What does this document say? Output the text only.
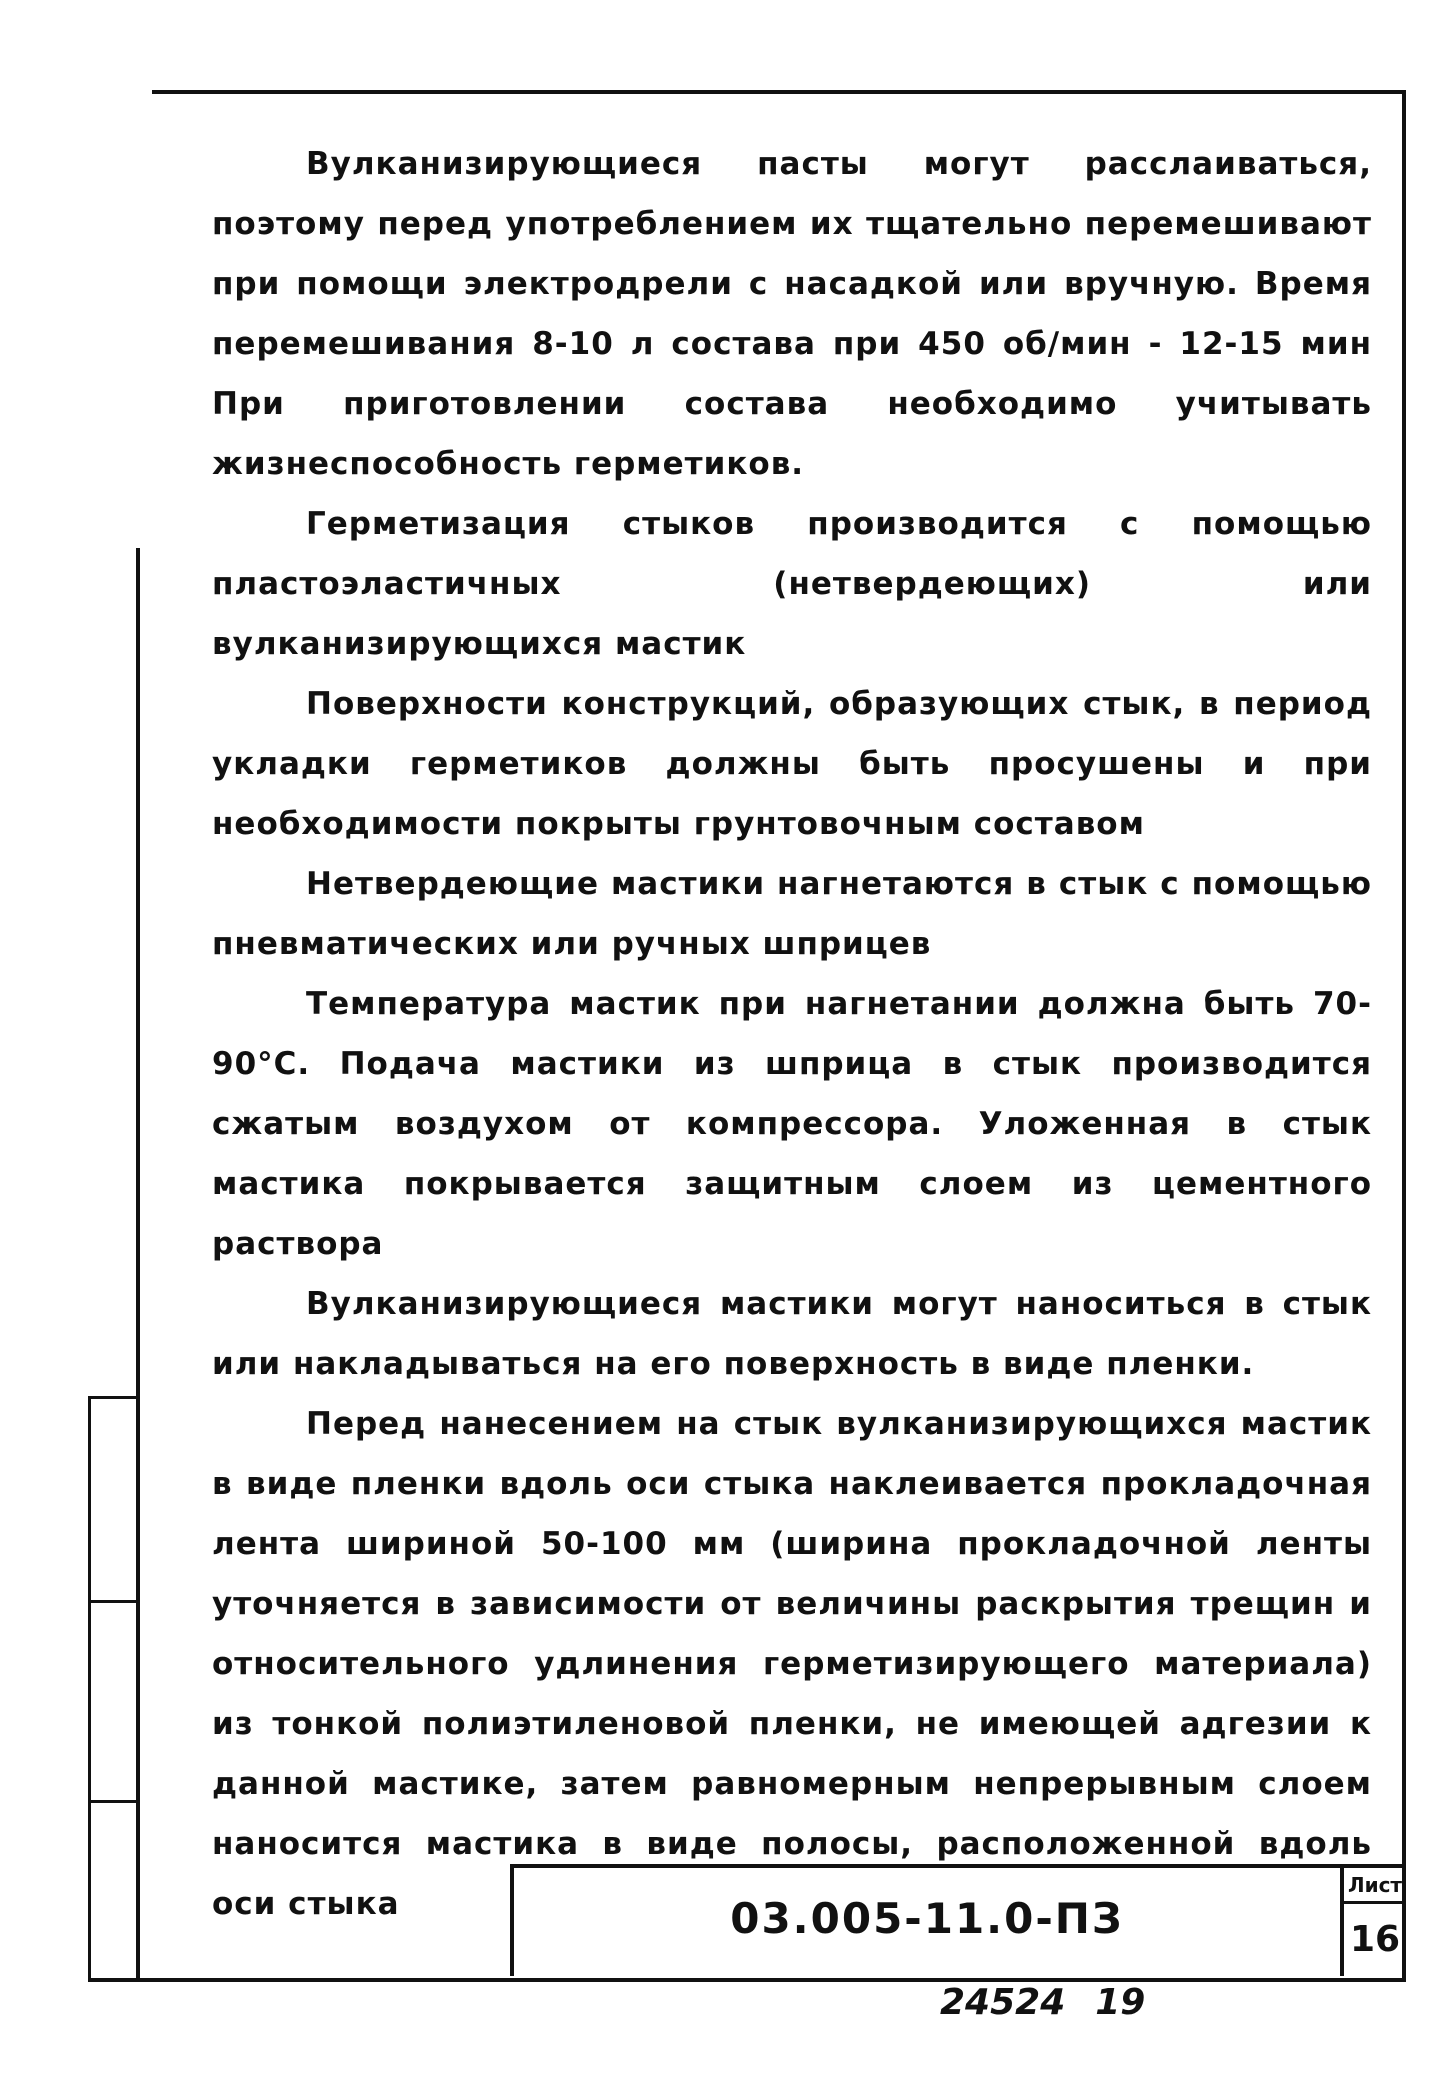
Вулканизирующиеся пасты могут расслаиваться, поэтому перед употреблением их тщательно перемешивают при помощи электродрели с насадкой или вручную. Время перемешивания 8-10 л состава при 450 об/мин - 12-15 мин При приготовлении состава необходимо учитывать жизнеспособность герметиков.

Герметизация стыков производится с помощью пластоэластичных (нетвердеющих) или вулканизирующихся мастик

Поверхности конструкций, образующих стык, в период укладки герметиков должны быть просушены и при необходимости покрыты грунтовочным составом

Нетвердеющие мастики нагнетаются в стык с помощью пневматических или ручных шприцев

Температура мастик при нагнетании должна быть 70-90°С. Подача мастики из шприца в стык производится сжатым воздухом от компрессора. Уложенная в стык мастика покрывается защитным слоем из цементного раствора

Вулканизирующиеся мастики могут наноситься в стык или накладываться на его поверхность в виде пленки.

Перед нанесением на стык вулканизирующихся мастик в виде пленки вдоль оси стыка наклеивается прокладочная лента шириной 50-100 мм (ширина прокладочной ленты уточняется в зависимости от величины раскрытия трещин и относительного удлинения герметизирующего материала) из тонкой полиэтиленовой пленки, не имеющей адгезии к данной мастике, затем равномерным непрерывным слоем наносится мастика в виде полосы, расположенной вдоль оси стыка	03.005-11.0-ПЗ
Лист
16
24524 19
